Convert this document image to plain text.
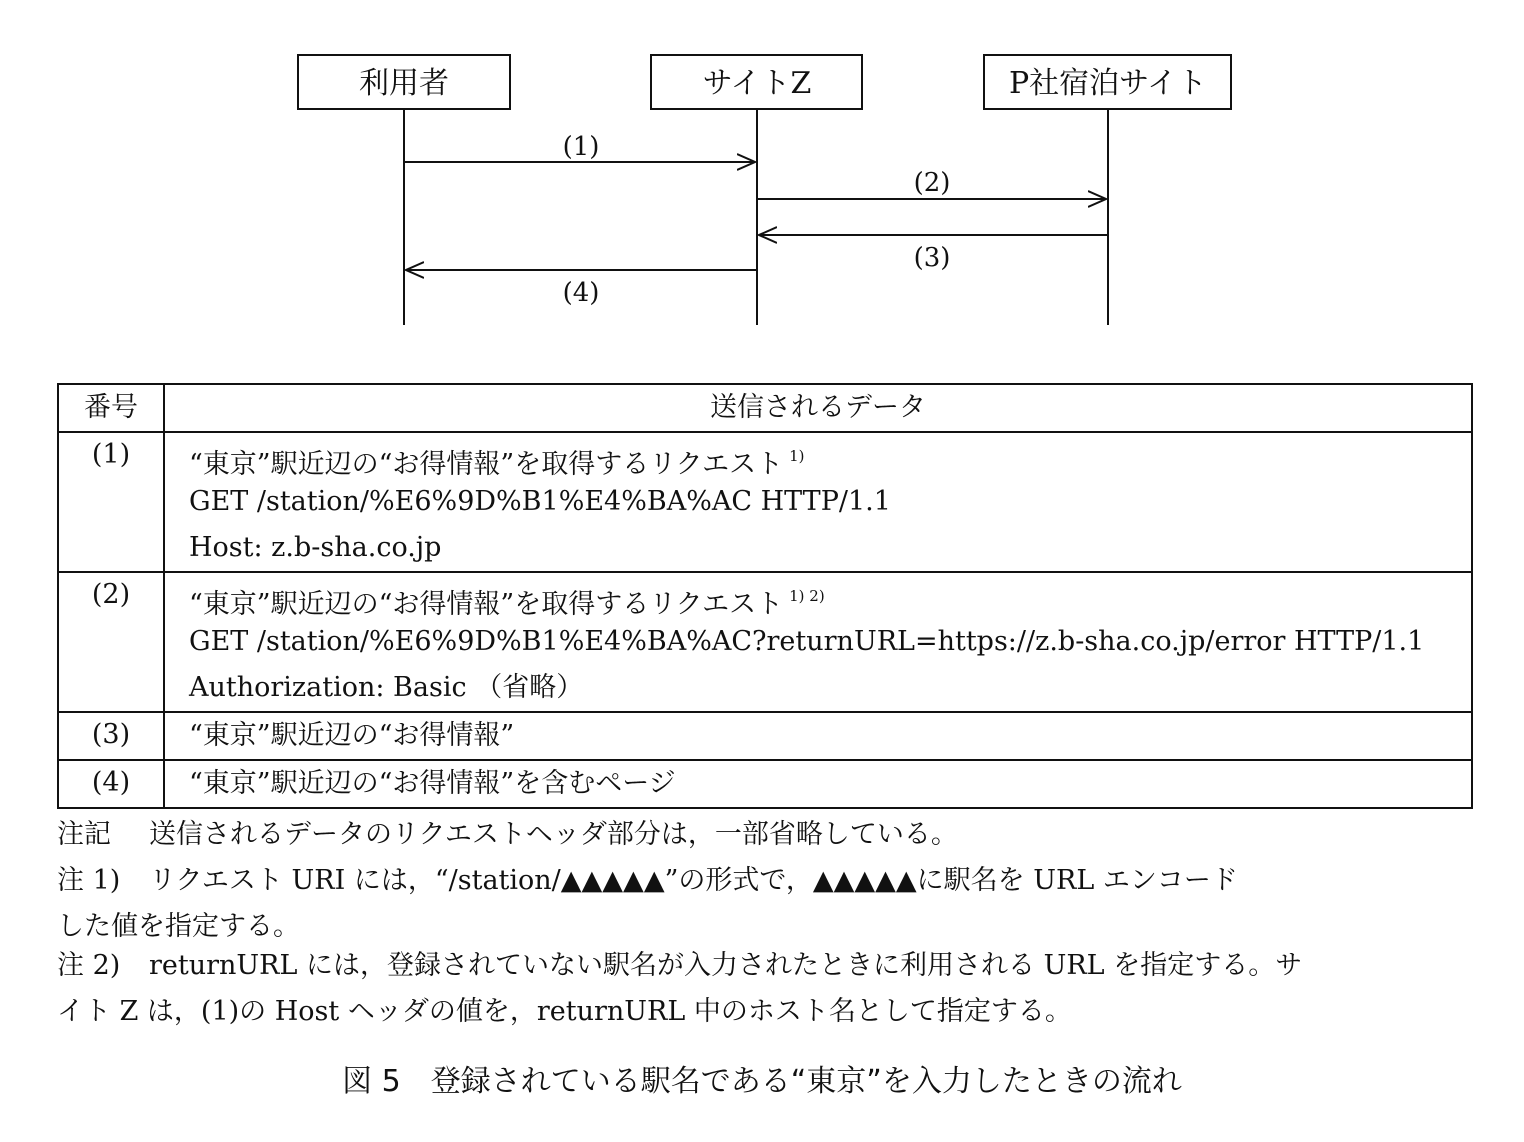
利用者	サイトZ	P社宿泊サイト
(1)
(2)
(3)
(4)
番号	送信されるデータ
(1)	“東京”駅近辺の“お得情報”を取得するリクエスト $^{1)}$
GET /station/%E6%9D%B1%E4%BA%AC HTTP/1.1
Host: z.b-sha.co.jp

(2)	“東京”駅近辺の“お得情報”を取得するリクエスト $^{1) 2)}$
GET /station/%E6%9D%B1%E4%BA%AC?returnURL=https://z.b-sha.co.jp/error HTTP/1.1
Authorization: Basic （省略）

(3)	“東京”駅近辺の“お得情報”

(4)	“東京”駅近辺の“お得情報”を含むページ
注記	送信されるデータのリクエストヘッダ部分は，一部省略している。
注 1)	リクエスト URI には，“/station/▲▲▲▲▲”の形式で，▲▲▲▲▲に駅名を URL エンコード
した値を指定する。
注 2)	returnURL には，登録されていない駅名が入力されたときに利用される URL を指定する。サ
イト Z は，(1)の Host ヘッダの値を，returnURL 中のホスト名として指定する。
図 5　登録されている駅名である“東京”を入力したときの流れ
